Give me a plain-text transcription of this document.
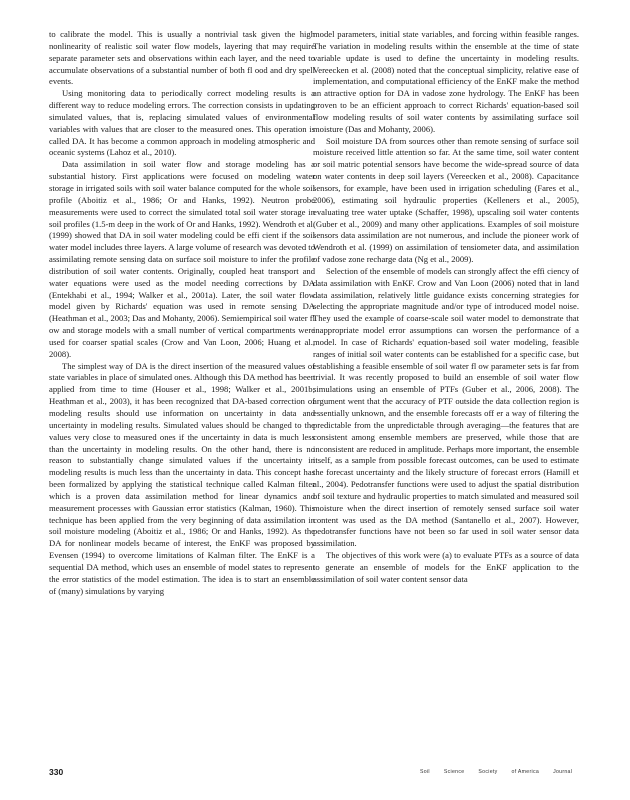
to calibrate the model. This is usually a nontrivial task given the high nonlinearity of realistic soil water flow models, layering that may require separate parameter sets and observations within each layer, and the need to accumulate observations of a substantial number of both fl ood and dry spell events.

Using monitoring data to periodically correct modeling results is a different way to reduce modeling errors. The correction consists in updating simulated values, that is, replacing simulated values of environmental variables with values that are closer to the measured ones. This operation is called DA. It has become a common approach in modeling atmospheric and oceanic systems (Lahoz et al., 2010).

Data assimilation in soil water flow and storage modeling has a substantial history. First applications were focused on modeling water storage in irrigated soils with soil water balance computed for the whole soil profile (Aboitiz et al., 1986; Or and Hanks, 1992). Neutron probe measurements were used to correct the simulated total soil water storage in soil profiles (1.5-m deep in the work of Or and Hanks, 1992). Wendroth et al. (1999) showed that DA in soil water modeling could be effi cient if the soil water model includes three layers. A large volume of research was devoted to assimilating remote sensing data on surface soil moisture to infer the profile distribution of soil water contents. Originally, coupled heat transport and water equations were used as the model needing corrections by DA (Entekhabi et al., 1994; Walker et al., 2001a). Later, the soil water flow model given by Richards' equation was used in remote sensing DA (Heathman et al., 2003; Das and Mohanty, 2006). Semiempirical soil water fl ow and storage models with a small number of vertical compartments were used for coarser spatial scales (Crow and Van Loon, 2006; Huang et al., 2008).

The simplest way of DA is the direct insertion of the measured values of state variables in place of simulated ones. Although this DA method has been applied from time to time (Houser et al., 1998; Walker et al., 2001b; Heathman et al., 2003), it has been recognized that DA-based correction of modeling results should use information on uncertainty in data and uncertainty in modeling results. Simulated values should be changed to the values very close to measured ones if the uncertainty in data is much less than the uncertainty in modeling results. On the other hand, there is no reason to substantially change simulated values if the uncertainty in modeling results is much less than the uncertainty in data. This concept has been formalized by applying the statistical technique called Kalman filter which is a proven data assimilation method for linear dynamics and measurement processes with Gaussian error statistics (Kalman, 1960). This technique has been applied from the very beginning of data assimilation in soil moisture modeling (Aboitiz et al., 1986; Or and Hanks, 1992). As the DA for nonlinear models became of interest, the EnKF was proposed by Evensen (1994) to overcome limitations of Kalman filter. The EnKF is a sequential DA method, which uses an ensemble of model states to represent the error statistics of the model estimation. The idea is to start an ensemble of (many) simulations by varying

model parameters, initial state variables, and forcing within feasible ranges. The variation in modeling results within the ensemble at the time of state variable update is used to define the uncertainty in modeling results. Vereecken et al. (2008) noted that the conceptual simplicity, relative ease of implementation, and computational efficiency of the EnKF make the method an attractive option for DA in vadose zone hydrology. The EnKF has been proven to be an efficient approach to correct Richards' equation-based soil flow modeling results of soil water contents by assimilating surface soil moisture (Das and Mohanty, 2006).

Soil moisture DA from sources other than remote sensing of surface soil moisture received little attention so far. At the same time, soil water content or soil matric potential sensors have become the wide-spread source of data on water contents in deep soil layers (Vereecken et al., 2008). Capacitance sensors, for example, have been used in irrigation scheduling (Fares et al., 2006), estimating soil hydraulic properties (Kelleners et al., 2005), evaluating tree water uptake (Schaffer, 1998), upscaling soil water contents (Guber et al., 2009) and many other applications. Examples of soil moisture sensors data assimilation are not numerous, and include the pioneer work of Wendroth et al. (1999) on assimilation of tensiometer data, and assimilation of vadose zone recharge data (Ng et al., 2009).

Selection of the ensemble of models can strongly affect the effi ciency of data assimilation with EnKF. Crow and Van Loon (2006) noted that in land data assimilation, relatively little guidance exists concerning strategies for selecting the appropriate magnitude and/or type of introduced model noise. They used the example of coarse-scale soil water model to demonstrate that inappropriate model error assumptions can worsen the performance of a model. In case of Richards' equation-based soil water modeling, feasible ranges of initial soil water contents can be established for a specific case, but establishing a feasible ensemble of soil water fl ow parameter sets is far from trivial. It was recently proposed to build an ensemble of soil water flow simulations using an ensemble of PTFs (Guber et al., 2006, 2008). The argument went that the accuracy of PTF outside the data collection region is essentially unknown, and the ensemble forecasts off er a way of filtering the predictable from the unpredictable through averaging—the features that are consistent among ensemble members are preserved, while those that are inconsistent are reduced in amplitude. Perhaps more important, the ensemble itself, as a sample from possible forecast outcomes, can be used to estimate the forecast uncertainty and the likely structure of forecast errors (Hamill et al., 2004). Pedotransfer functions were used to adjust the spatial distribution of soil texture and hydraulic properties to match simulated and measured soil moisture when the direct insertion of remotely sensed surface soil water content was used as the DA method (Santanello et al., 2007). However, pedotransfer functions have not been so far used in soil water sensor data assimilation.

The objectives of this work were (a) to evaluate PTFs as a source of data to generate an ensemble of models for the EnKF application to the assimilation of soil water content sensor data

330	Soil	Science	Society	of America	Journal
